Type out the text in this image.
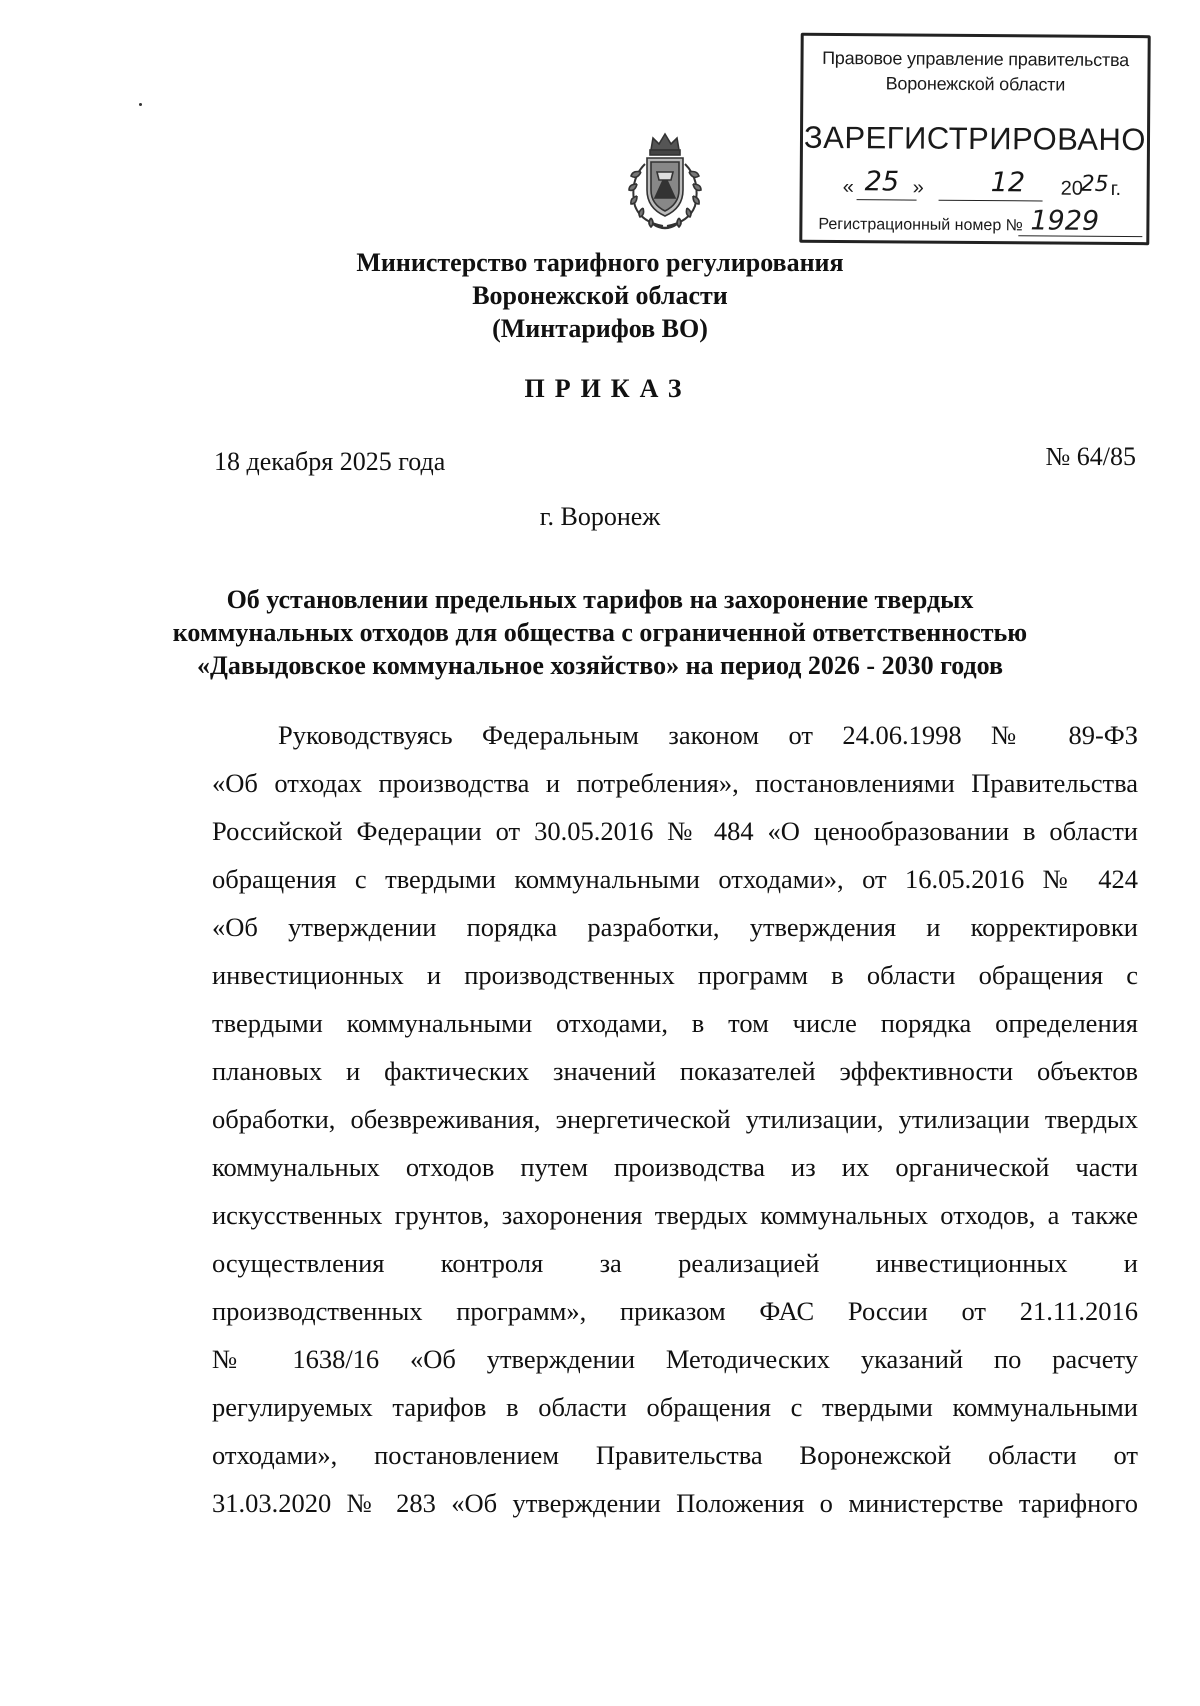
Правовое управление правительства
Воронежской области
ЗАРЕГИСТРИРОВАНО
« 25 » 12 20
25 г.
Регистрационный номер № 1929
Министерство тарифного регулирования
Воронежской области
(Минтарифов ВО)
ПРИКАЗ
18 декабря 2025 года	№ 64/85
г. Воронеж
Об установлении предельных тарифов на захоронение твердых
коммунальных отходов для общества с ограниченной ответственностью
«Давыдовское коммунальное хозяйство» на период 2026 - 2030 годов
Руководствуясь Федеральным законом от 24.06.1998 № 89-ФЗ
«Об отходах производства и потребления», постановлениями Правительства
Российской Федерации от 30.05.2016 № 484 «О ценообразовании в области
обращения с твердыми коммунальными отходами», от 16.05.2016 № 424
«Об утверждении порядка разработки, утверждения и корректировки
инвестиционных и производственных программ в области обращения с
твердыми коммунальными отходами, в том числе порядка определения
плановых и фактических значений показателей эффективности объектов
обработки, обезвреживания, энергетической утилизации, утилизации твердых
коммунальных отходов путем производства из их органической части
искусственных грунтов, захоронения твердых коммунальных отходов, а также
осуществления контроля за реализацией инвестиционных и
производственных программ», приказом ФАС России от 21.11.2016
№ 1638/16 «Об утверждении Методических указаний по расчету
регулируемых тарифов в области обращения с твердыми коммунальными
отходами», постановлением Правительства Воронежской области от
31.03.2020 № 283 «Об утверждении Положения о министерстве тарифного
